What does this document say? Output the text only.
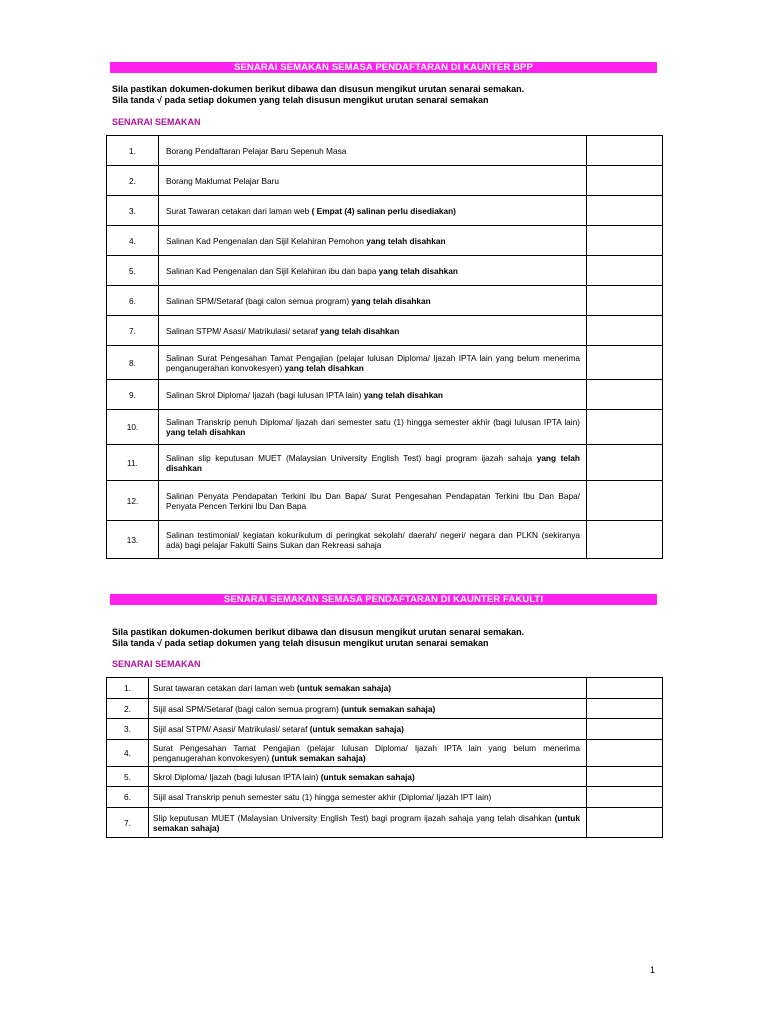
SENARAI SEMAKAN SEMASA PENDAFTARAN DI KAUNTER BPP
Sila pastikan dokumen-dokumen berikut dibawa dan disusun mengikut urutan senarai semakan.
Sila tanda √ pada setiap dokumen yang telah disusun mengikut urutan senarai semakan
SENARAI SEMAKAN
1.	Borang Pendaftaran Pelajar Baru Sepenuh Masa	
2.	Borang Maklumat Pelajar Baru	
3.	Surat Tawaran cetakan dari laman web ( Empat (4) salinan perlu disediakan)	
4.	Salinan Kad Pengenalan dan Sijil Kelahiran Pemohon yang telah disahkan	
5.	Salinan Kad Pengenalan dan Sijil Kelahiran ibu dan bapa yang telah disahkan	
6.	Salinan SPM/Setaraf (bagi calon semua program) yang telah disahkan	
7.	Salinan STPM/ Asasi/ Matrikulasi/ setaraf yang telah disahkan	
8.	Salinan Surat Pengesahan Tamat Pengajian (pelajar lulusan Diploma/ Ijazah IPTA lain yang belum menerima penganugerahan konvokesyen) yang telah disahkan	
9.	Salinan Skrol Diploma/ Ijazah (bagi lulusan IPTA lain) yang telah disahkan	
10.	Salinan Transkrip penuh Diploma/ Ijazah dari semester satu (1) hingga semester akhir (bagi lulusan IPTA lain) yang telah disahkan	
11.	Salinan slip keputusan MUET (Malaysian University English Test) bagi program ijazah sahaja yang telah disahkan	
12.	Salinan Penyata Pendapatan Terkini Ibu Dan Bapa/ Surat Pengesahan Pendapatan Terkini Ibu Dan Bapa/ Penyata Pencen Terkini Ibu Dan Bapa	
13.	Salinan testimonial/ kegiatan kokurikulum di peringkat sekolah/ daerah/ negeri/ negara dan PLKN (sekiranya ada) bagi pelajar Fakulti Sains Sukan dan Rekreasi sahaja	
SENARAI SEMAKAN SEMASA PENDAFTARAN DI KAUNTER FAKULTI
Sila pastikan dokumen-dokumen berikut dibawa dan disusun mengikut urutan senarai semakan.
Sila tanda √ pada setiap dokumen yang telah disusun mengikut urutan senarai semakan
SENARAI SEMAKAN
1.	Surat tawaran cetakan dari laman web (untuk semakan sahaja)	
2.	Sijil asal SPM/Setaraf (bagi calon semua program) (untuk semakan sahaja)	
3.	Sijil asal STPM/ Asasi/ Matrikulasi/ setaraf (untuk semakan sahaja)	
4.	Surat Pengesahan Tamat Pengajian (pelajar lulusan Diploma/ Ijazah IPTA lain yang belum menerima penganugerahan konvokesyen) (untuk semakan sahaja)	
5.	Skrol Diploma/ Ijazah (bagi lulusan IPTA lain) (untuk semakan sahaja)	
6.	Sijil asal Transkrip penuh semester satu (1) hingga semester akhir (Diploma/ Ijazah IPT lain)	
7.	Slip keputusan MUET (Malaysian University English Test) bagi program ijazah sahaja yang telah disahkan (untuk semakan sahaja)	
1
